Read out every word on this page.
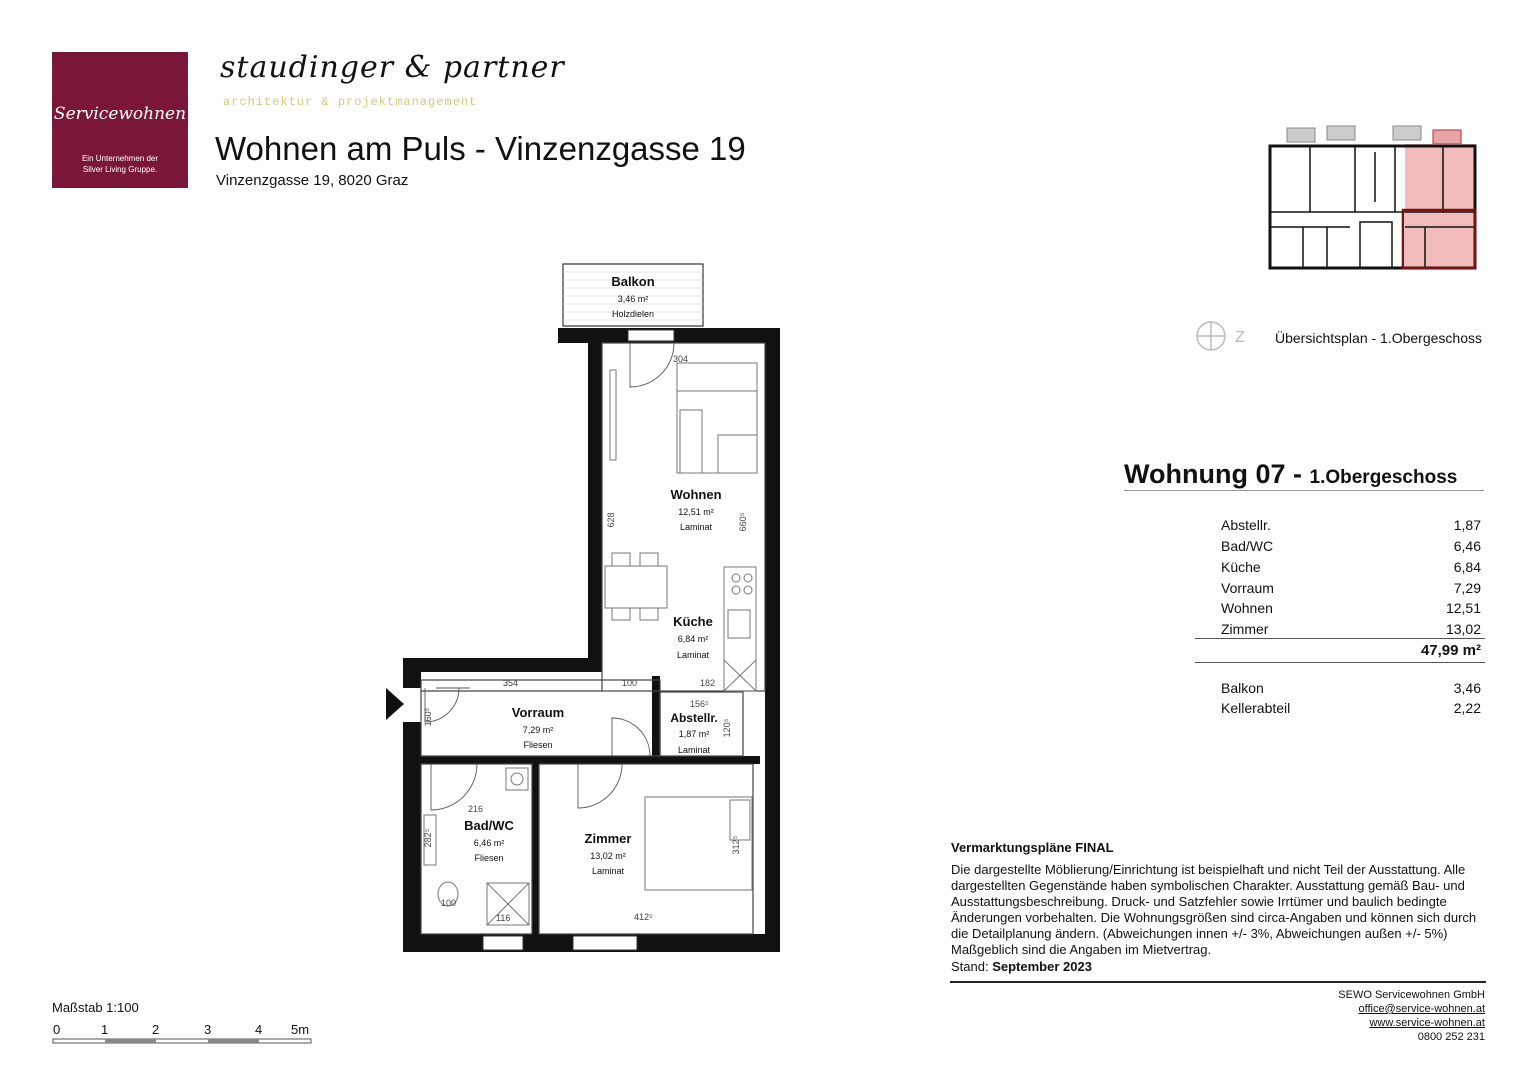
Servicewohnen
Ein Unternehmen der
Silver Living Gruppe.
staudinger & partner
architektur & projektmanagement
Wohnen am Puls - Vinzenzgasse 19
Vinzenzgasse 19, 8020 Graz
Z Übersichtsplan - 1.Obergeschoss
Wohnung 07 - 1.Obergeschoss
Abstellr.	1,87
Bad/WC	6,46
Küche	6,84
Vorraum	7,29
Wohnen	12,51
Zimmer	13,02
47,99 m²
Balkon	3,46
Kellerabteil	2,22
Balkon
3,46 m²
Holzdielen
Wohnen
12,51 m²
Laminat
Küche
6,84 m²
Laminat
Vorraum
7,29 m²
Fliesen
Abstellr.
1,87 m²
Laminat
Bad/WC
6,46 m²
Fliesen
Zimmer
13,02 m²
Laminat
304
628	660⁵
354	100	182
156⁵
160⁵
120⁵
216
282⁵	312⁵
100
116	412⁵
Vermarktungspläne FINAL
Die dargestellte Möblierung/Einrichtung ist beispielhaft und nicht Teil der Ausstattung. Alle dargestellten Gegenstände haben symbolischen Charakter. Ausstattung gemäß Bau- und Ausstattungsbeschreibung. Druck- und Satzfehler sowie Irrtümer und baulich bedingte Änderungen vorbehalten. Die Wohnungsgrößen sind circa-Angaben und können sich durch die Detailplanung ändern. (Abweichungen innen +/- 3%, Abweichungen außen +/- 5%) Maßgeblich sind die Angaben im Mietvertrag.
Stand: September 2023
SEWO Servicewohnen GmbH
office@service-wohnen.at
www.service-wohnen.at
0800 252 231
Maßstab 1:100
0	1	2	3	4 5m
